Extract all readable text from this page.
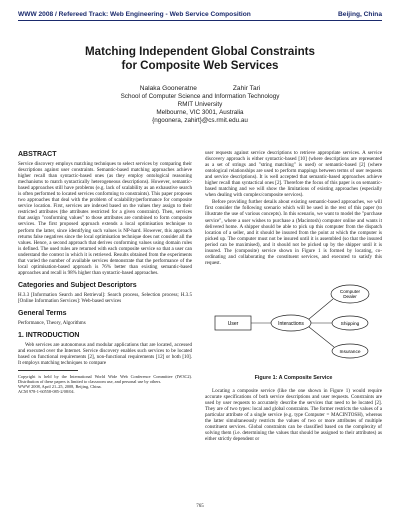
WWW 2008 / Refereed Track: Web Engineering - Web Service Composition	Beijing, China
Matching Independent Global Constraints
for Composite Web Services
Nalaka Gooneratne	Zahir Tari
School of Computer Science and Information Technology
RMIT University
Melbourne, VIC 3001, Australia
{ngoonera, zahirt}@cs.rmit.edu.au
ABSTRACT
Service discovery employs matching techniques to select services by comparing their descriptions against user constraints. Semantic-based matching approaches achieve higher recall than syntactic-based ones (as they employ ontological reasoning mechanisms to match syntactically heterogeneous descriptions). However, semantic-based approaches still have problems (e.g. lack of scalability as an exhaustive search is often performed to located services conforming to constraints). This paper proposes two approaches that deal with the problem of scalability/performance for composite service location. First, services are indexed based on the values they assign to their restricted attributes (the attributes restricted for a given constraint). Then, services that assign "conforming values" to those attributes are combined to form composite services. The first proposed approach extends a local optimisation technique to perform the latter, since identifying such values is NP-hard. However, this approach returns false negatives since the local optimisation technique does not consider all the values. Hence, a second approach that derives conforming values using domain rules is defined. The used rules are returned with each composite service so that a user can understand the context in which it is retrieved. Results obtained from the experiments that varied the number of available services demonstrate that the performance of the local optimisation-based approach is 76% better than existing semantic-based approaches and recall is 98% higher than syntactic-based approaches.
Categories and Subject Descriptors
H.3.3 [Information Search and Retrieval]: Search process, Selection process; H.3.5 [Online Information Services]: Web-based services
General Terms
Performance, Theory, Algorithms
1. INTRODUCTION
Web services are autonomous and modular applications that are located, accessed and executed over the Internet. Service discovery enables such services to be located based on functional requirements [2], non-functional requirements [12] or both [10]. It employs matching techniques to compare
Copyright is held by the International World Wide Web Conference Committee (IW3C2). Distribution of these papers is limited to classroom use, and personal use by others.
WWW 2008, April 21–25, 2008, Beijing, China.
ACM 978-1-60558-085-2/08/04.
user requests against service descriptions to retrieve appropriate services. A service discovery approach is either syntactic-based [10] (where descriptions are represented as a set of strings and "string matching" is used) or semantic-based [2] (where ontological relationships are used to perform mappings between terms of user requests and service descriptions). It is well accepted that semantic-based approaches achieve higher recall than syntactical ones [2]. Therefore the focus of this paper is on semantic-based matching and we will show the limitations of existing approaches (especially when dealing with complex/composite services).
Before providing further details about existing semantic-based approaches, we will first consider the following scenario which will be used in the rest of this paper (to illustrate the use of various concepts). In this scenario, we want to model the "purchase service", where a user wishes to purchase a (Macintosh) computer online and wants it delivered home. A shipper should be able to pick up this computer from the dispatch location of a seller, and it should be insured from the point at which the computer is picked up. The computer must not be insured until it is assembled (so that the insured period can be maximised), and it should not be picked up by the shipper until it is insured. The (composite) service shown in Figure 1 is formed by locating, co-ordinating and collaborating the constituent services, and executed to satisfy this request.
User	Interactions
Computer
Dealer
Shipping
Insurance
Figure 1: A Composite Service
Locating a composite service (like the one shown in Figure 1) would require accurate specifications of both service descriptions and user requests. Constraints are used by user requests to accurately describe the services that need to be located [2]. They are of two types: local and global constraints. The former restricts the values of a particular attribute of a single service (e.g. type Computer = MACINTOSH), whereas the latter simultaneously restricts the values of two or more attributes of multiple constituent services. Global constraints can be classified based on the complexity of solving them (i.e. determining the values that should be assigned to their attributes) as either strictly dependent or
765
